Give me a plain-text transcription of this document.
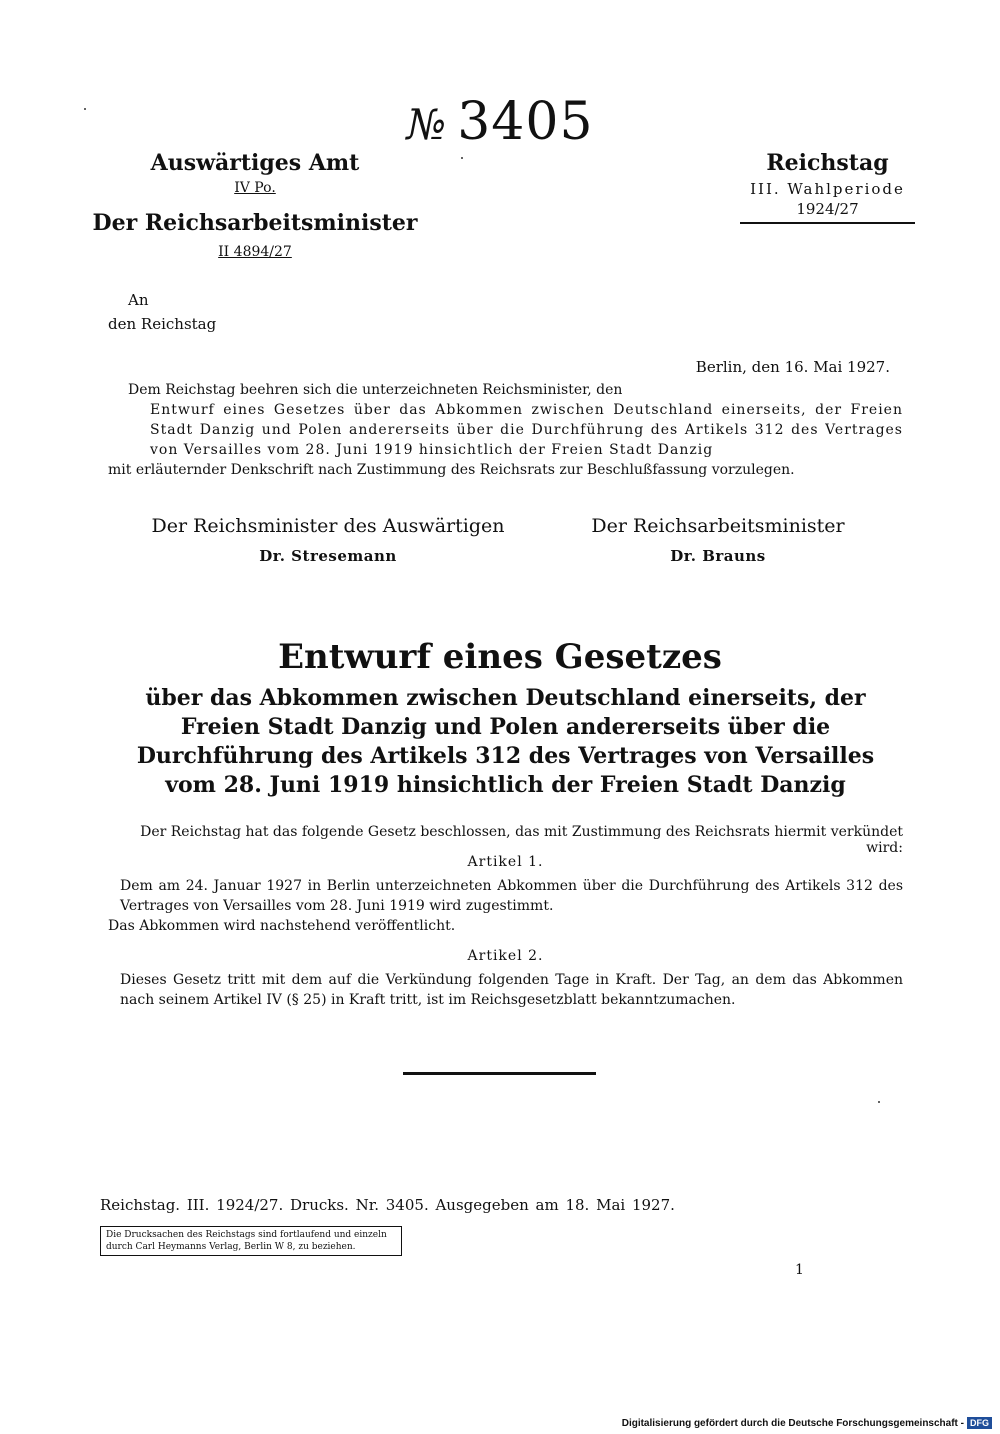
№ 3405
Auswärtiges Amt
IV Po.
Der Reichsarbeitsminister
II 4894/27
Reichstag
III. Wahlperiode
1924/27
An
den Reichstag
Berlin, den 16. Mai 1927.
Dem Reichstag beehren sich die unterzeichneten Reichsminister, den
Entwurf eines Gesetzes über das Abkommen zwischen Deutschland einerseits, der Freien Stadt Danzig und Polen andererseits über die Durchführung des Artikels 312 des Vertrages von Versailles vom 28. Juni 1919 hinsichtlich der Freien Stadt Danzig
mit erläuternder Denkschrift nach Zustimmung des Reichsrats zur Beschlußfassung vorzulegen.
Der Reichsminister des Auswärtigen
Dr. Stresemann
Der Reichsarbeitsminister
Dr. Brauns
Entwurf eines Gesetzes
über das Abkommen zwischen Deutschland einerseits, der Freien Stadt Danzig und Polen andererseits über die Durchführung des Artikels 312 des Vertrages von Versailles vom 28. Juni 1919 hinsichtlich der Freien Stadt Danzig
Der Reichstag hat das folgende Gesetz beschlossen, das mit Zustimmung des Reichsrats hiermit verkündet wird:
Artikel 1.
Dem am 24. Januar 1927 in Berlin unterzeichneten Abkommen über die Durchführung des Artikels 312 des Vertrages von Versailles vom 28. Juni 1919 wird zugestimmt.
Das Abkommen wird nachstehend veröffentlicht.
Artikel 2.
Dieses Gesetz tritt mit dem auf die Verkündung folgenden Tage in Kraft. Der Tag, an dem das Abkommen nach seinem Artikel IV (§ 25) in Kraft tritt, ist im Reichsgesetzblatt bekanntzumachen.
Reichstag. III. 1924/27. Drucks. Nr. 3405. Ausgegeben am 18. Mai 1927.
Die Drucksachen des Reichstags sind fortlaufend und einzeln
durch Carl Heymanns Verlag, Berlin W 8, zu beziehen.
1
Digitalisierung gefördert durch die Deutsche Forschungsgemeinschaft - DFG
